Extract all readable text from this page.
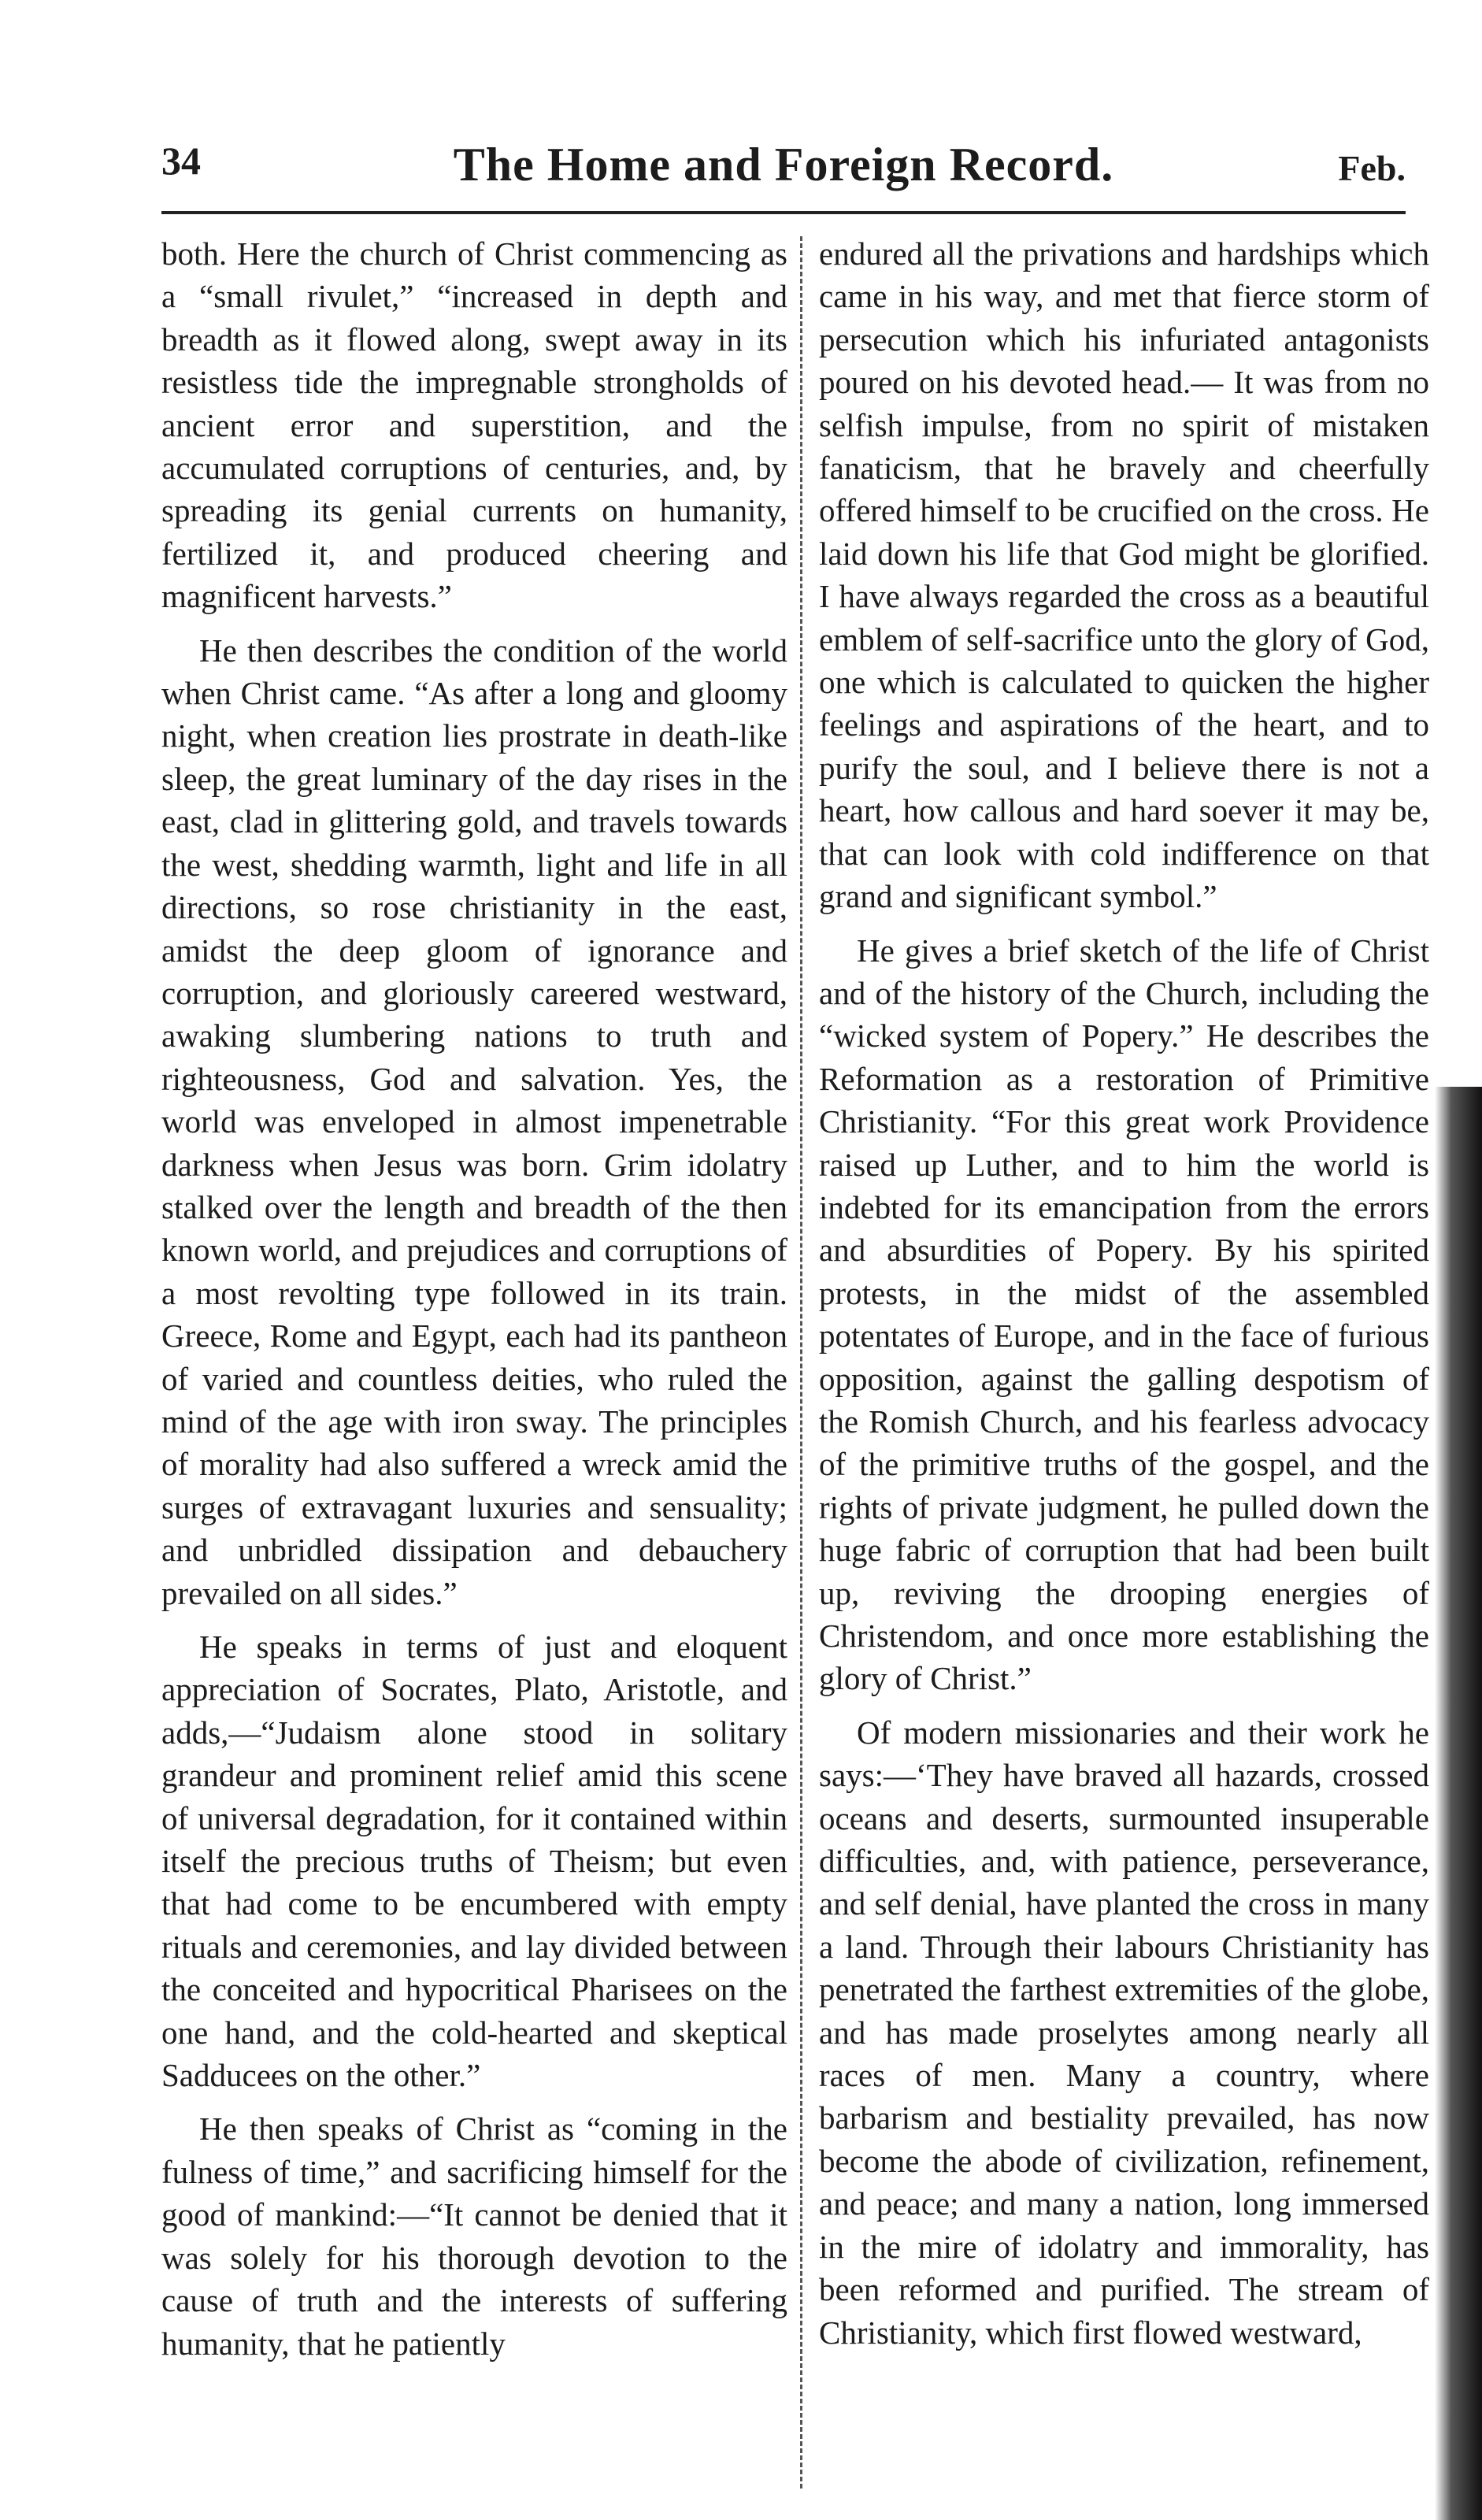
34	The Home and Foreign Record.	Feb.

both. Here the church of Christ commencing as a “small rivulet,” “increased in depth and breadth as it flowed along, swept away in its resistless tide the impregnable strongholds of ancient error and superstition, and the accumulated corruptions of centuries, and, by spreading its genial currents on humanity, fertilized it, and produced cheering and magnificent harvests.”

He then describes the condition of the world when Christ came. “As after a long and gloomy night, when creation lies prostrate in death-like sleep, the great luminary of the day rises in the east, clad in glittering gold, and travels towards the west, shedding warmth, light and life in all directions, so rose christianity in the east, amidst the deep gloom of ignorance and corruption, and gloriously careered westward, awaking slumbering nations to truth and righteousness, God and salvation. Yes, the world was enveloped in almost impenetrable darkness when Jesus was born. Grim idolatry stalked over the length and breadth of the then known world, and prejudices and corruptions of a most revolting type followed in its train. Greece, Rome and Egypt, each had its pantheon of varied and countless deities, who ruled the mind of the age with iron sway. The principles of morality had also suffered a wreck amid the surges of extravagant luxuries and sensuality; and unbridled dissipation and debauchery prevailed on all sides.”

He speaks in terms of just and eloquent appreciation of Socrates, Plato, Aristotle, and adds,—“Judaism alone stood in solitary grandeur and prominent relief amid this scene of universal degradation, for it contained within itself the precious truths of Theism; but even that had come to be encumbered with empty rituals and ceremonies, and lay divided between the conceited and hypocritical Pharisees on the one hand, and the cold-hearted and skeptical Sadducees on the other.”

He then speaks of Christ as “coming in the fulness of time,” and sacrificing himself for the good of mankind:—“It cannot be denied that it was solely for his thorough devotion to the cause of truth and the interests of suffering humanity, that he patiently

endured all the privations and hardships which came in his way, and met that fierce storm of persecution which his infuriated antagonists poured on his devoted head.— It was from no selfish impulse, from no spirit of mistaken fanaticism, that he bravely and cheerfully offered himself to be crucified on the cross. He laid down his life that God might be glorified. I have always regarded the cross as a beautiful emblem of self-sacrifice unto the glory of God, one which is calculated to quicken the higher feelings and aspirations of the heart, and to purify the soul, and I believe there is not a heart, how callous and hard soever it may be, that can look with cold indifference on that grand and significant symbol.”

He gives a brief sketch of the life of Christ and of the history of the Church, including the “wicked system of Popery.” He describes the Reformation as a restoration of Primitive Christianity. “For this great work Providence raised up Luther, and to him the world is indebted for its emancipation from the errors and absurdities of Popery. By his spirited protests, in the midst of the assembled potentates of Europe, and in the face of furious opposition, against the galling despotism of the Romish Church, and his fearless advocacy of the primitive truths of the gospel, and the rights of private judgment, he pulled down the huge fabric of corruption that had been built up, reviving the drooping energies of Christendom, and once more establishing the glory of Christ.”

Of modern missionaries and their work he says:—‘They have braved all hazards, crossed oceans and deserts, surmounted insuperable difficulties, and, with patience, perseverance, and self denial, have planted the cross in many a land. Through their labours Christianity has penetrated the farthest extremities of the globe, and has made proselytes among nearly all races of men. Many a country, where barbarism and bestiality prevailed, has now become the abode of civilization, refinement, and peace; and many a nation, long immersed in the mire of idolatry and immorality, has been reformed and purified. The stream of Christianity, which first flowed westward,
